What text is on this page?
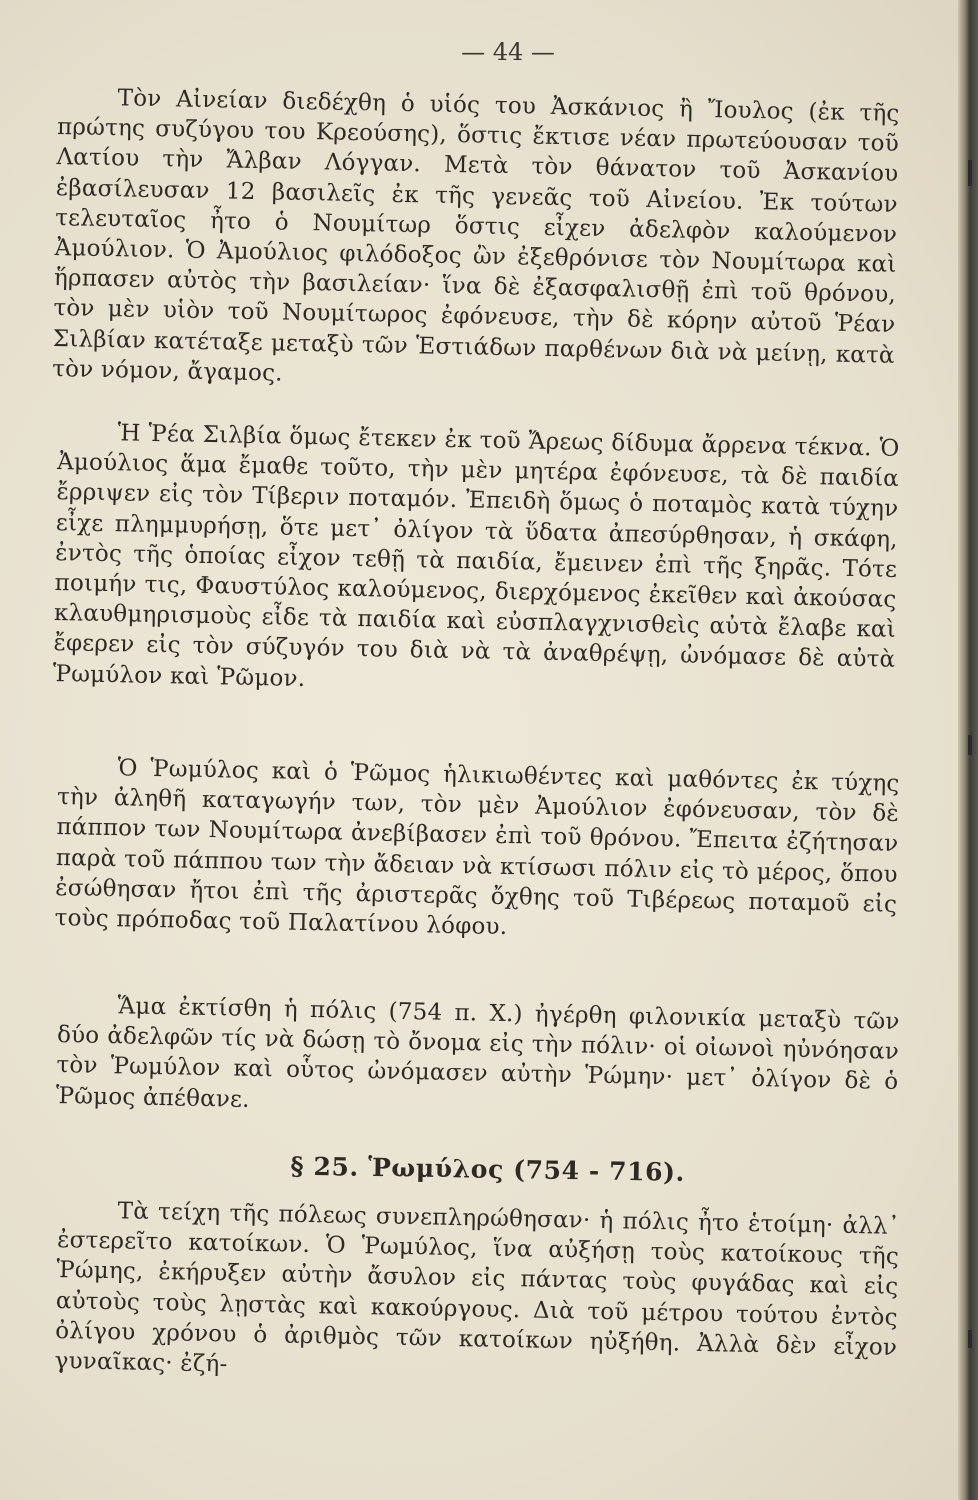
— 44 —

Τὸν Αἰνείαν διεδέχθη ὁ υἱός του Ἀσκάνιος ἢ Ἴουλος (ἐκ τῆς πρώτης συζύγου του Κρεούσης), ὅστις ἔκτισε νέαν πρωτεύουσαν τοῦ Λατίου τὴν Ἄλβαν Λόγγαν. Μετὰ τὸν θάνατον τοῦ Ἀσκανίου ἐβασίλευσαν 12 βασιλεῖς ἐκ τῆς γενεᾶς τοῦ Αἰνείου. Ἐκ τούτων τελευταῖος ἦτο ὁ Νουμίτωρ ὅστις εἶχεν ἀδελφὸν καλούμενον Ἀμούλιον. Ὁ Ἀμούλιος φιλόδοξος ὢν ἐξεθρόνισε τὸν Νουμίτωρα καὶ ἥρπασεν αὐτὸς τὴν βασιλείαν· ἵνα δὲ ἐξασφαλισθῇ ἐπὶ τοῦ θρόνου, τὸν μὲν υἱὸν τοῦ Νουμίτωρος ἐφόνευσε, τὴν δὲ κόρην αὐτοῦ Ῥέαν Σιλβίαν κατέταξε μεταξὺ τῶν Ἑστιάδων παρθένων διὰ νὰ μείνῃ, κατὰ τὸν νόμον, ἄγαμος.

Ἡ Ῥέα Σιλβία ὅμως ἔτεκεν ἐκ τοῦ Ἄρεως δίδυμα ἄρρενα τέκνα. Ὁ Ἀμούλιος ἅμα ἔμαθε τοῦτο, τὴν μὲν μητέρα ἐφόνευσε, τὰ δὲ παιδία ἔρριψεν εἰς τὸν Τίβεριν ποταμόν. Ἐπειδὴ ὅμως ὁ ποταμὸς κατὰ τύχην εἶχε πλημμυρήσῃ, ὅτε μετ᾽ ὀλίγον τὰ ὕδατα ἀπεσύρθησαν, ἡ σκάφη, ἐντὸς τῆς ὁποίας εἶχον τεθῇ τὰ παιδία, ἔμεινεν ἐπὶ τῆς ξηρᾶς. Τότε ποιμήν τις, Φαυστύλος καλούμενος, διερχόμενος ἐκεῖθεν καὶ ἀκούσας κλαυθμηρισμοὺς εἶδε τὰ παιδία καὶ εὐσπλαγχνισθεὶς αὐτὰ ἔλαβε καὶ ἔφερεν εἰς τὸν σύζυγόν του διὰ νὰ τὰ ἀναθρέψῃ, ὠνόμασε δὲ αὐτὰ Ῥωμύλον καὶ Ῥῶμον.

Ὁ Ῥωμύλος καὶ ὁ Ῥῶμος ἡλικιωθέντες καὶ μαθόντες ἐκ τύχης τὴν ἀληθῆ καταγωγήν των, τὸν μὲν Ἀμούλιον ἐφόνευσαν, τὸν δὲ πάππον των Νουμίτωρα ἀνεβίβασεν ἐπὶ τοῦ θρόνου. Ἔπειτα ἐζήτησαν παρὰ τοῦ πάππου των τὴν ἄδειαν νὰ κτίσωσι πόλιν εἰς τὸ μέρος, ὅπου ἐσώθησαν ἤτοι ἐπὶ τῆς ἀριστερᾶς ὄχθης τοῦ Τιβέρεως ποταμοῦ εἰς τοὺς πρόποδας τοῦ Παλατίνου λόφου.

Ἅμα ἐκτίσθη ἡ πόλις (754 π. Χ.) ἠγέρθη φιλονικία μεταξὺ τῶν δύο ἀδελφῶν τίς νὰ δώσῃ τὸ ὄνομα εἰς τὴν πόλιν· οἱ οἰωνοὶ ηὐνόησαν τὸν Ῥωμύλον καὶ οὗτος ὠνόμασεν αὐτὴν Ῥώμην· μετ᾽ ὀλίγον δὲ ὁ Ῥῶμος ἀπέθανε.

§ 25. Ῥωμύλος (754 - 716).

Τὰ τείχη τῆς πόλεως συνεπληρώθησαν· ἡ πόλις ἦτο ἑτοίμη· ἀλλ᾽ ἐστερεῖτο κατοίκων. Ὁ Ῥωμύλος, ἵνα αὐξήσῃ τοὺς κατοίκους τῆς Ῥώμης, ἐκήρυξεν αὐτὴν ἄσυλον εἰς πάντας τοὺς φυγάδας καὶ εἰς αὐτοὺς τοὺς λῃστὰς καὶ κακούργους. Διὰ τοῦ μέτρου τούτου ἐντὸς ὀλίγου χρόνου ὁ ἀριθμὸς τῶν κατοίκων ηὐξήθη. Ἀλλὰ δὲν εἶχον γυναῖκας· ἐζή-
